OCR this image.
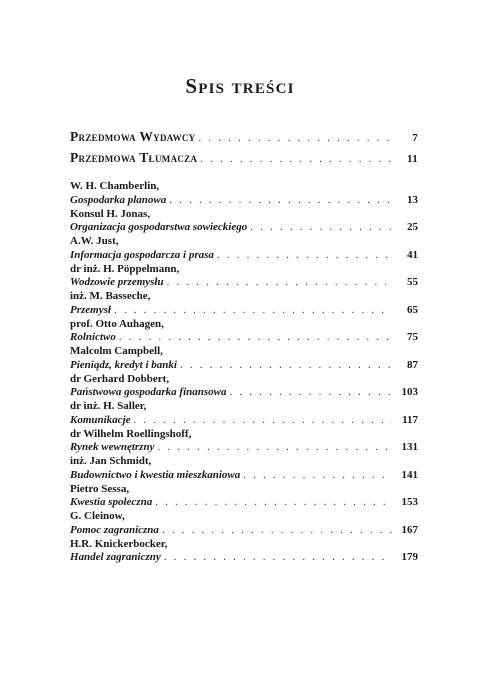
Spis treści
Przedmowa Wydawcy . . .	7
Przedmowa Tłumacza . . .	11
W. H. Chamberlin,
Gospodarka planowa . . .	13
Konsul H. Jonas,
Organizacja gospodarstwa sowieckiego . . .	25
A.W. Just,
Informacja gospodarcza i prasa . . .	41
dr inż. H. Pöppelmann,
Wodzowie przemysłu . . .	55
inż. M. Basseche,
Przemysł . . .	65
prof. Otto Auhagen,
Rolnictwo . . .	75
Malcolm Campbell,
Pieniądz, kredyt i banki . . .	87
dr Gerhard Dobbert,
Państwowa gospodarka finansowa . . .	103
dr inż. H. Saller,
Komunikacje . . .	117
dr Wilhelm Roellingshoff,
Rynek wewnętrzny . . .	131
inż. Jan Schmidt,
Budownictwo i kwestia mieszkaniowa . . .	141
Pietro Sessa,
Kwestia społeczna . . .	153
G. Cleinow,
Pomoc zagraniczna . . .	167
H.R. Knickerbocker,
Handel zagraniczny . . .	179
